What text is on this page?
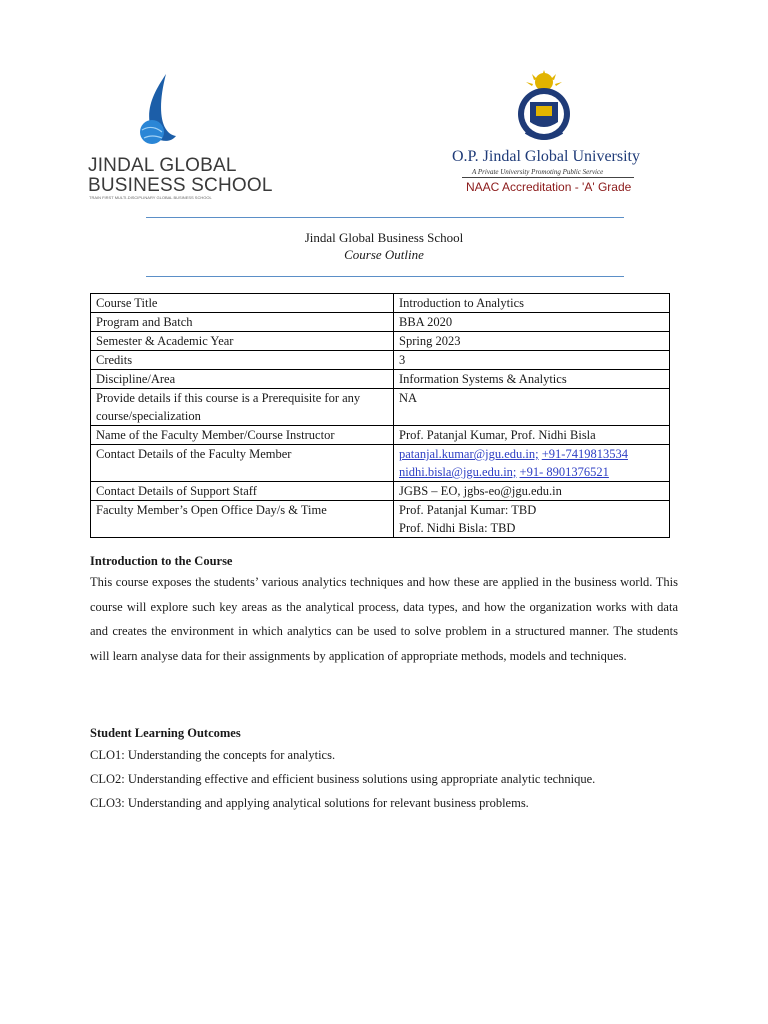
JINDAL GLOBAL
BUSINESS SCHOOL
TRAIN FIRST MULTI-DISCIPLINARY GLOBAL BUSINESS SCHOOL
O.P. Jindal Global University
A Private University Promoting Public Service
NAAC Accreditation - 'A' Grade
Jindal Global Business School
Course Outline
Course Title	Introduction to Analytics
Program and Batch	BBA 2020
Semester & Academic Year	Spring 2023
Credits	3
Discipline/Area	Information Systems & Analytics
Provide details if this course is a Prerequisite for any course/specialization	NA
Name of the Faculty Member/Course Instructor	Prof. Patanjal Kumar, Prof. Nidhi Bisla
Contact Details of the Faculty Member	patanjal.kumar@jgu.edu.in; +91-7419813534
nidhi.bisla@jgu.edu.in; +91- 8901376521

Contact Details of Support Staff	JGBS – EO, jgbs-eo@jgu.edu.in
Faculty Member’s Open Office Day/s & Time	Prof. Patanjal Kumar: TBD
Prof. Nidhi Bisla: TBD
Introduction to the Course
This course exposes the students’ various analytics techniques and how these are applied in the business world. This course will explore such key areas as the analytical process, data types, and how the organization works with data and creates the environment in which analytics can be used to solve problem in a structured manner. The students will learn analyse data for their assignments by application of appropriate methods, models and techniques.
Student Learning Outcomes
CLO1: Understanding the concepts for analytics.
CLO2: Understanding effective and efficient business solutions using appropriate analytic technique.
CLO3: Understanding and applying analytical solutions for relevant business problems.
